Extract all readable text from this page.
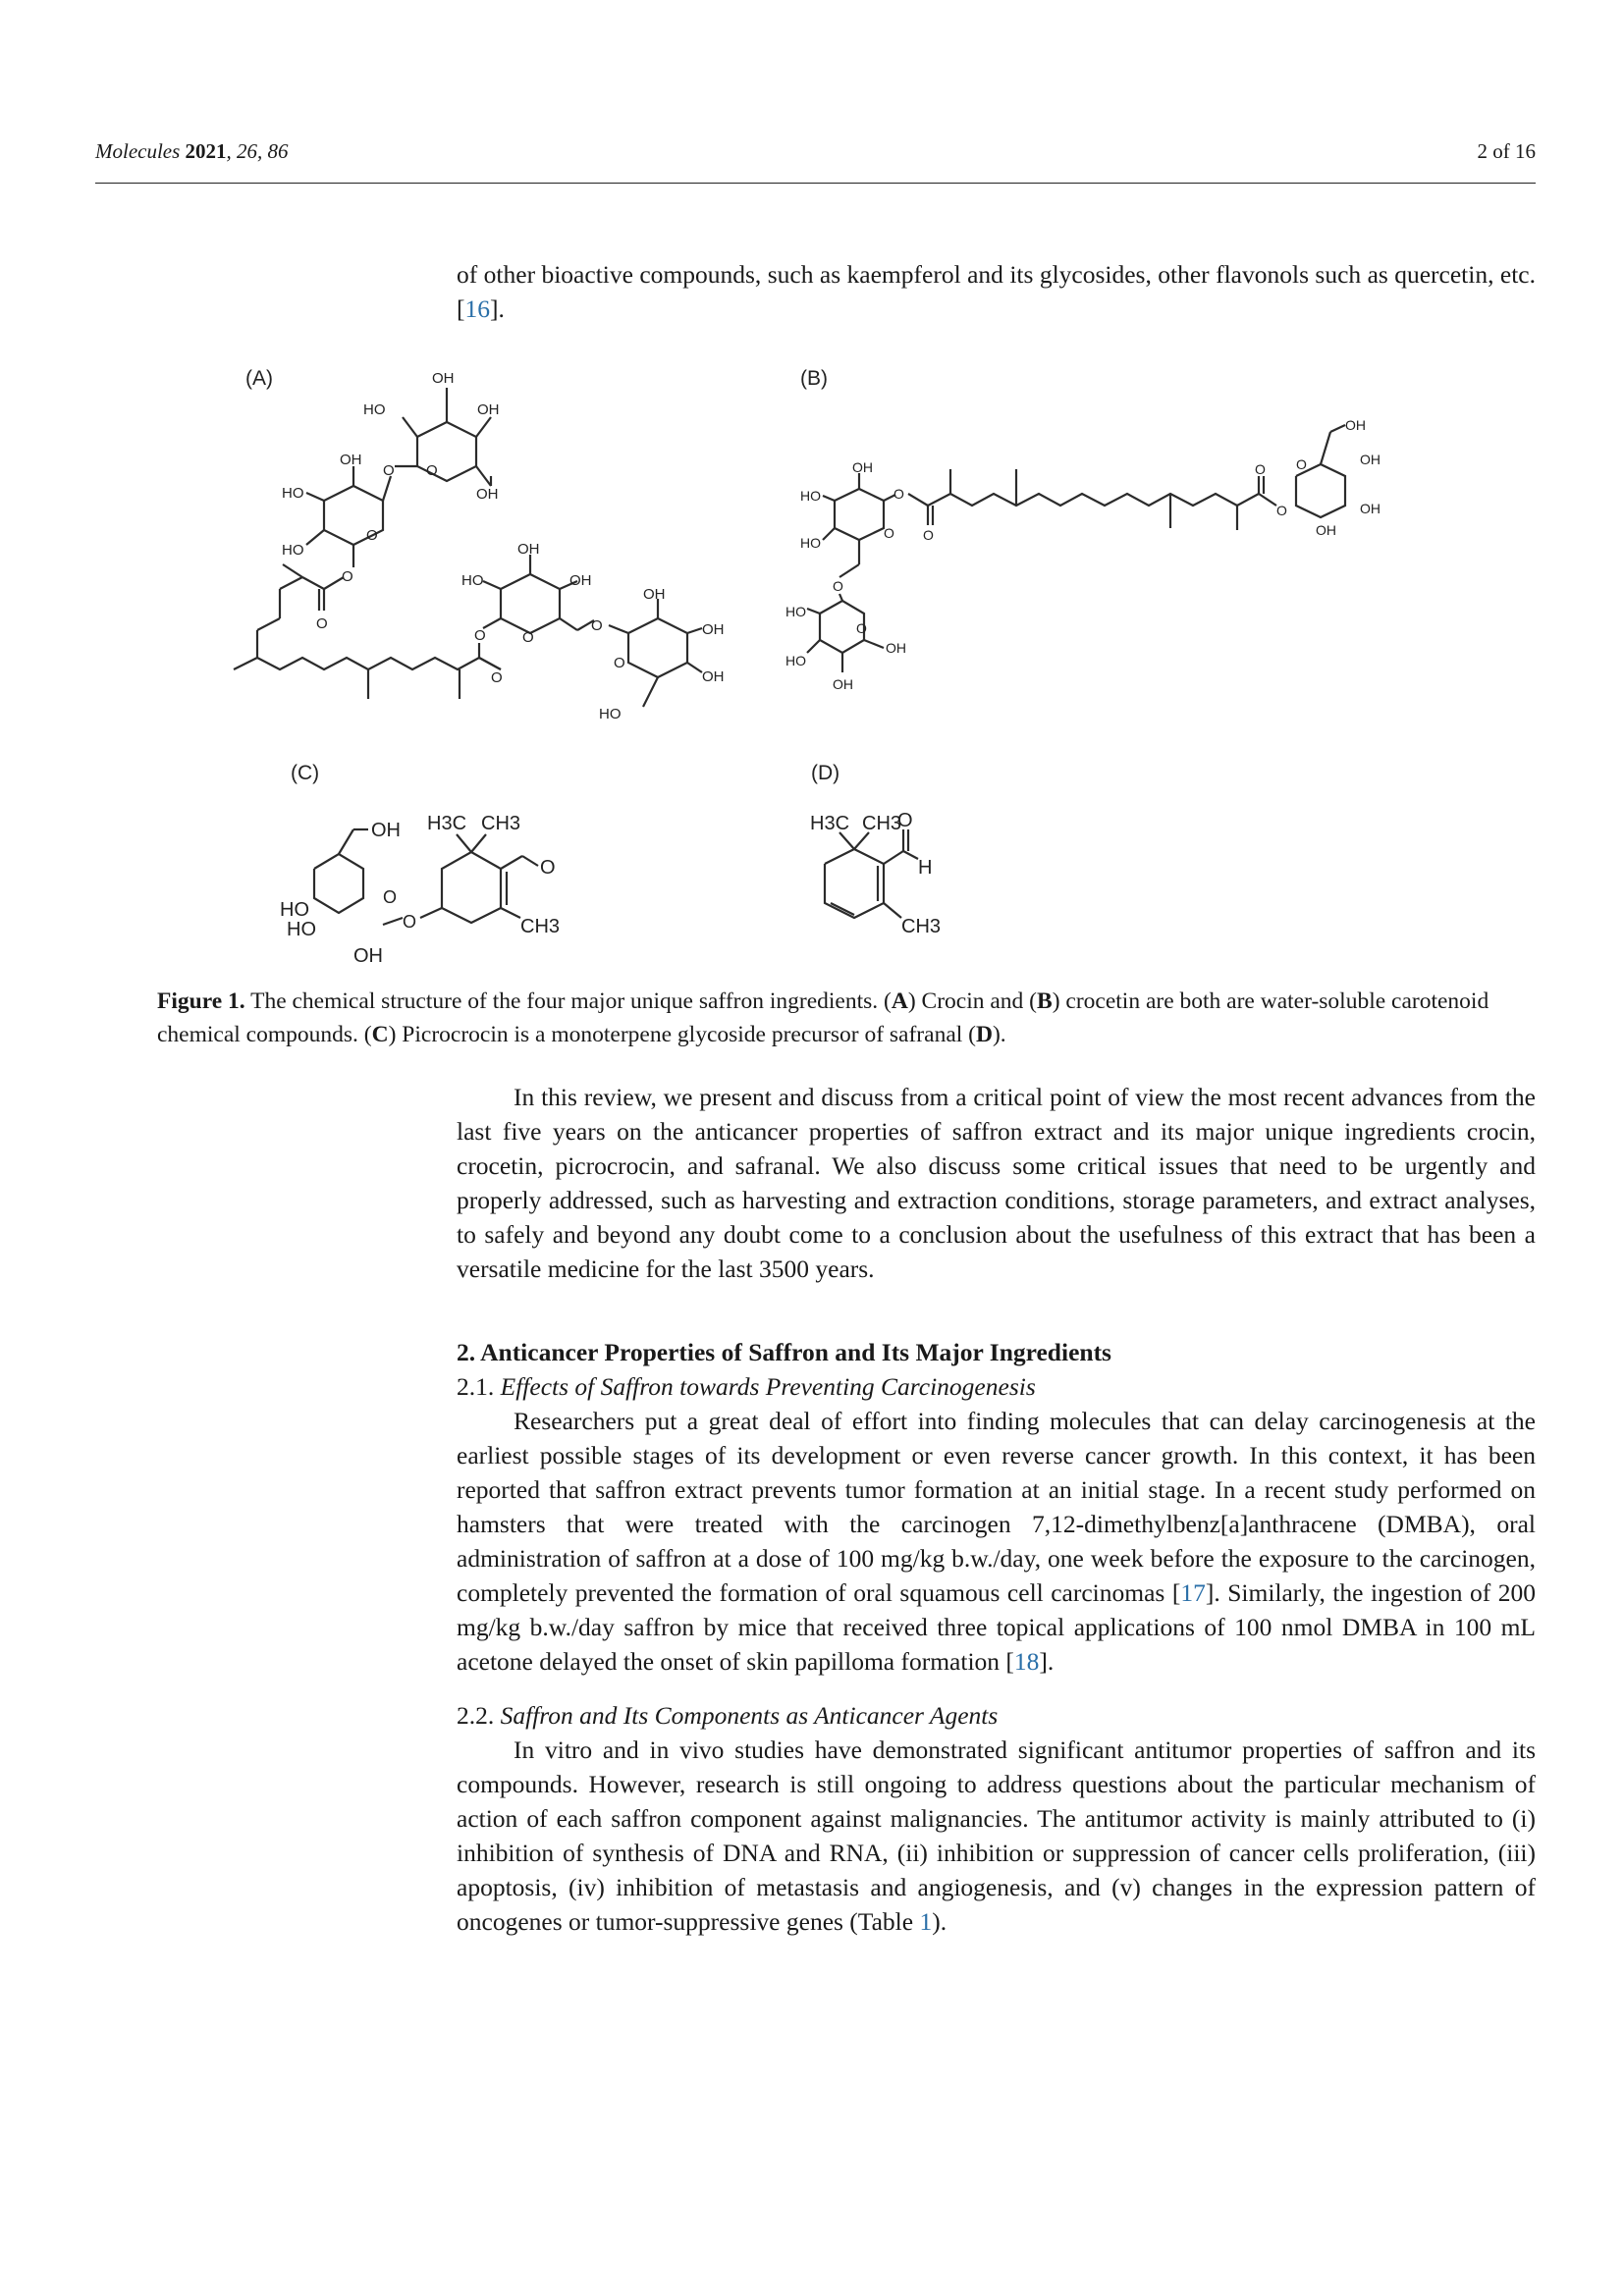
Molecules 2021, 26, 86	2 of 16

of other bioactive compounds, such as kaempferol and its glycosides, other flavonols such as quercetin, etc. [16].

(A)	(B)
(C)	(D)
HO
OH
OH
O
OH
O
OH
HO
HO
O
O
O
O
O
HO
OH
OH
O
O
OH
OH
OH
O
HO
OH
HO
HO
O
O
O
O
O
O
OH
OH
OH
OH
O
HO
HO
OH
OH
O
OH
HO
HO
OH
O
O
H3C CH3
O
CH3
H3C CH3
O
H
CH3
Figure 1. The chemical structure of the four major unique saffron ingredients. (A) Crocin and (B) crocetin are both are water-soluble carotenoid chemical compounds. (C) Picrocrocin is a monoterpene glycoside precursor of safranal (D).

In this review, we present and discuss from a critical point of view the most recent advances from the last five years on the anticancer properties of saffron extract and its major unique ingredients crocin, crocetin, picrocrocin, and safranal. We also discuss some critical issues that need to be urgently and properly addressed, such as harvesting and extraction conditions, storage parameters, and extract analyses, to safely and beyond any doubt come to a conclusion about the usefulness of this extract that has been a versatile medicine for the last 3500 years.

2. Anticancer Properties of Saffron and Its Major Ingredients
2.1. Effects of Saffron towards Preventing Carcinogenesis

Researchers put a great deal of effort into finding molecules that can delay carcinogenesis at the earliest possible stages of its development or even reverse cancer growth. In this context, it has been reported that saffron extract prevents tumor formation at an initial stage. In a recent study performed on hamsters that were treated with the carcinogen 7,12-dimethylbenz[a]anthracene (DMBA), oral administration of saffron at a dose of 100 mg/kg b.w./day, one week before the exposure to the carcinogen, completely prevented the formation of oral squamous cell carcinomas [17]. Similarly, the ingestion of 200 mg/kg b.w./day saffron by mice that received three topical applications of 100 nmol DMBA in 100 mL acetone delayed the onset of skin papilloma formation [18].

2.2. Saffron and Its Components as Anticancer Agents

In vitro and in vivo studies have demonstrated significant antitumor properties of saffron and its compounds. However, research is still ongoing to address questions about the particular mechanism of action of each saffron component against malignancies. The antitumor activity is mainly attributed to (i) inhibition of synthesis of DNA and RNA, (ii) inhibition or suppression of cancer cells proliferation, (iii) apoptosis, (iv) inhibition of metastasis and angiogenesis, and (v) changes in the expression pattern of oncogenes or tumor-suppressive genes (Table 1).
